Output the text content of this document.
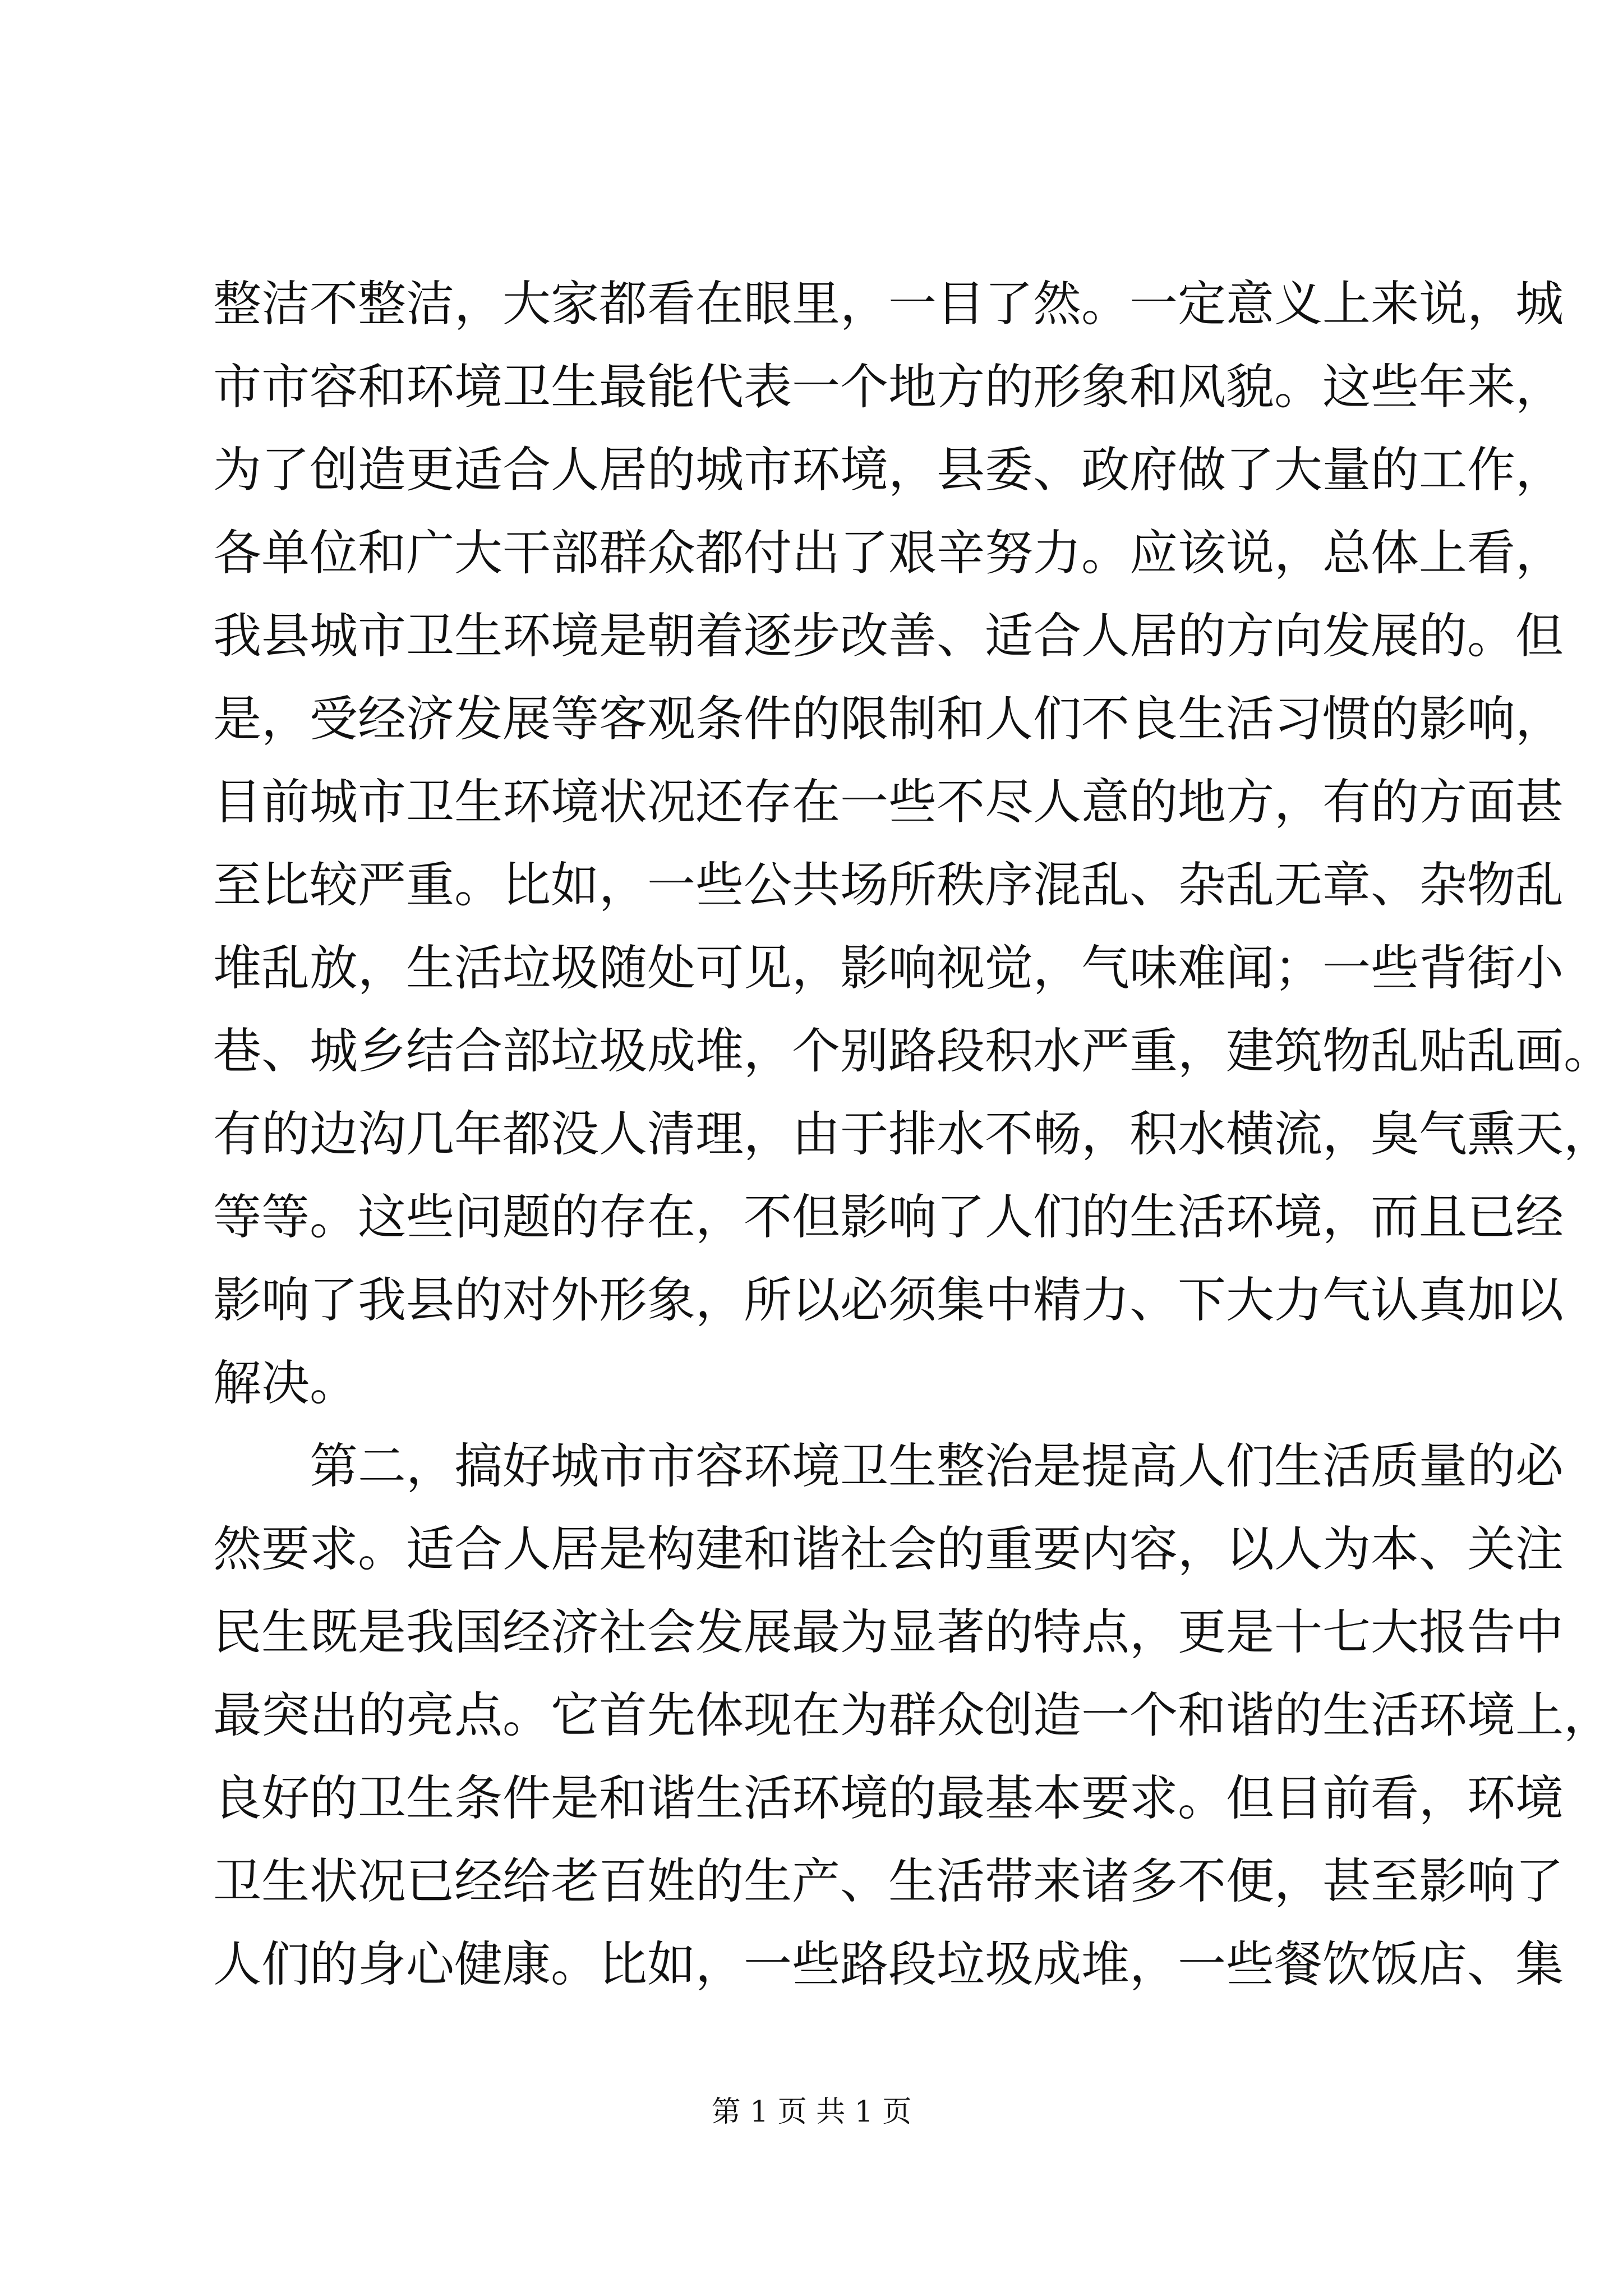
整洁不整洁，大家都看在眼里，一目了然。一定意义上来说，城
市市容和环境卫生最能代表一个地方的形象和风貌。这些年来，
为了创造更适合人居的城市环境，县委、政府做了大量的工作，
各单位和广大干部群众都付出了艰辛努力。应该说，总体上看，
我县城市卫生环境是朝着逐步改善、适合人居的方向发展的。但
是，受经济发展等客观条件的限制和人们不良生活习惯的影响，
目前城市卫生环境状况还存在一些不尽人意的地方，有的方面甚
至比较严重。比如，一些公共场所秩序混乱、杂乱无章、杂物乱
堆乱放，生活垃圾随处可见，影响视觉，气味难闻；一些背街小
巷、城乡结合部垃圾成堆，个别路段积水严重，建筑物乱贴乱画。
有的边沟几年都没人清理，由于排水不畅，积水横流，臭气熏天，
等等。这些问题的存在，不但影响了人们的生活环境，而且已经
影响了我县的对外形象，所以必须集中精力、下大力气认真加以
解决。
第二，搞好城市市容环境卫生整治是提高人们生活质量的必
然要求。适合人居是构建和谐社会的重要内容，以人为本、关注
民生既是我国经济社会发展最为显著的特点，更是十七大报告中
最突出的亮点。它首先体现在为群众创造一个和谐的生活环境上，
良好的卫生条件是和谐生活环境的最基本要求。但目前看，环境
卫生状况已经给老百姓的生产、生活带来诸多不便，甚至影响了
人们的身心健康。比如，一些路段垃圾成堆，一些餐饮饭店、集
第 1 页 共 1 页
